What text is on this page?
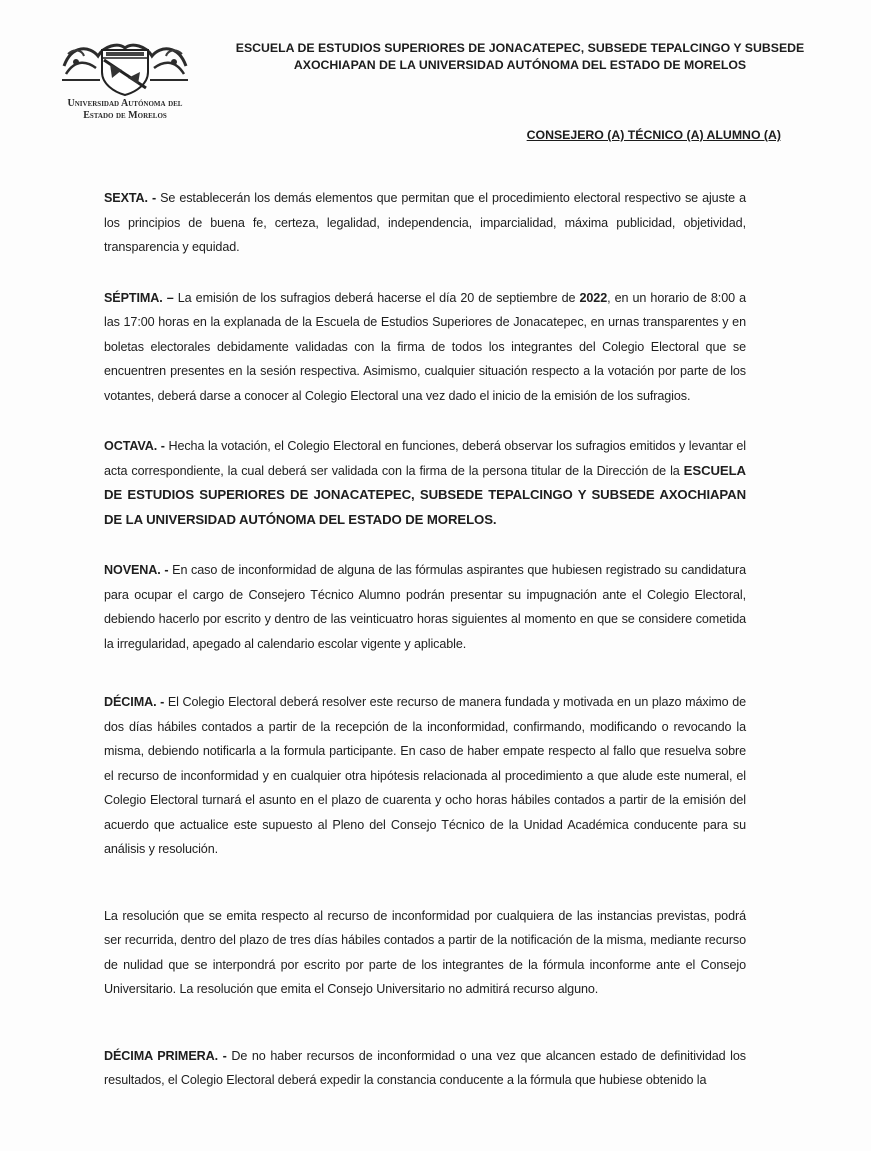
Universidad Autónoma del
Estado de Morelos
ESCUELA DE ESTUDIOS SUPERIORES DE JONACATEPEC, SUBSEDE TEPALCINGO Y SUBSEDE AXOCHIAPAN DE LA UNIVERSIDAD AUTÓNOMA DEL ESTADO DE MORELOS
CONSEJERO (A) TÉCNICO (A) ALUMNO (A)

SEXTA. - Se establecerán los demás elementos que permitan que el procedimiento electoral respectivo se ajuste a los principios de buena fe, certeza, legalidad, independencia, imparcialidad, máxima publicidad, objetividad, transparencia y equidad.

SÉPTIMA. – La emisión de los sufragios deberá hacerse el día 20 de septiembre de 2022, en un horario de 8:00 a las 17:00 horas en la explanada de la Escuela de Estudios Superiores de Jonacatepec, en urnas transparentes y en boletas electorales debidamente validadas con la firma de todos los integrantes del Colegio Electoral que se encuentren presentes en la sesión respectiva. Asimismo, cualquier situación respecto a la votación por parte de los votantes, deberá darse a conocer al Colegio Electoral una vez dado el inicio de la emisión de los sufragios.

OCTAVA. - Hecha la votación, el Colegio Electoral en funciones, deberá observar los sufragios emitidos y levantar el acta correspondiente, la cual deberá ser validada con la firma de la persona titular de la Dirección de la ESCUELA DE ESTUDIOS SUPERIORES DE JONACATEPEC, SUBSEDE TEPALCINGO Y SUBSEDE AXOCHIAPAN DE LA UNIVERSIDAD AUTÓNOMA DEL ESTADO DE MORELOS.

NOVENA. - En caso de inconformidad de alguna de las fórmulas aspirantes que hubiesen registrado su candidatura para ocupar el cargo de Consejero Técnico Alumno podrán presentar su impugnación ante el Colegio Electoral, debiendo hacerlo por escrito y dentro de las veinticuatro horas siguientes al momento en que se considere cometida la irregularidad, apegado al calendario escolar vigente y aplicable.

DÉCIMA. - El Colegio Electoral deberá resolver este recurso de manera fundada y motivada en un plazo máximo de dos días hábiles contados a partir de la recepción de la inconformidad, confirmando, modificando o revocando la misma, debiendo notificarla a la formula participante. En caso de haber empate respecto al fallo que resuelva sobre el recurso de inconformidad y en cualquier otra hipótesis relacionada al procedimiento a que alude este numeral, el Colegio Electoral turnará el asunto en el plazo de cuarenta y ocho horas hábiles contados a partir de la emisión del acuerdo que actualice este supuesto al Pleno del Consejo Técnico de la Unidad Académica conducente para su análisis y resolución.

La resolución que se emita respecto al recurso de inconformidad por cualquiera de las instancias previstas, podrá ser recurrida, dentro del plazo de tres días hábiles contados a partir de la notificación de la misma, mediante recurso de nulidad que se interpondrá por escrito por parte de los integrantes de la fórmula inconforme ante el Consejo Universitario. La resolución que emita el Consejo Universitario no admitirá recurso alguno.

DÉCIMA PRIMERA. - De no haber recursos de inconformidad o una vez que alcancen estado de definitividad los resultados, el Colegio Electoral deberá expedir la constancia conducente a la fórmula que hubiese obtenido la
